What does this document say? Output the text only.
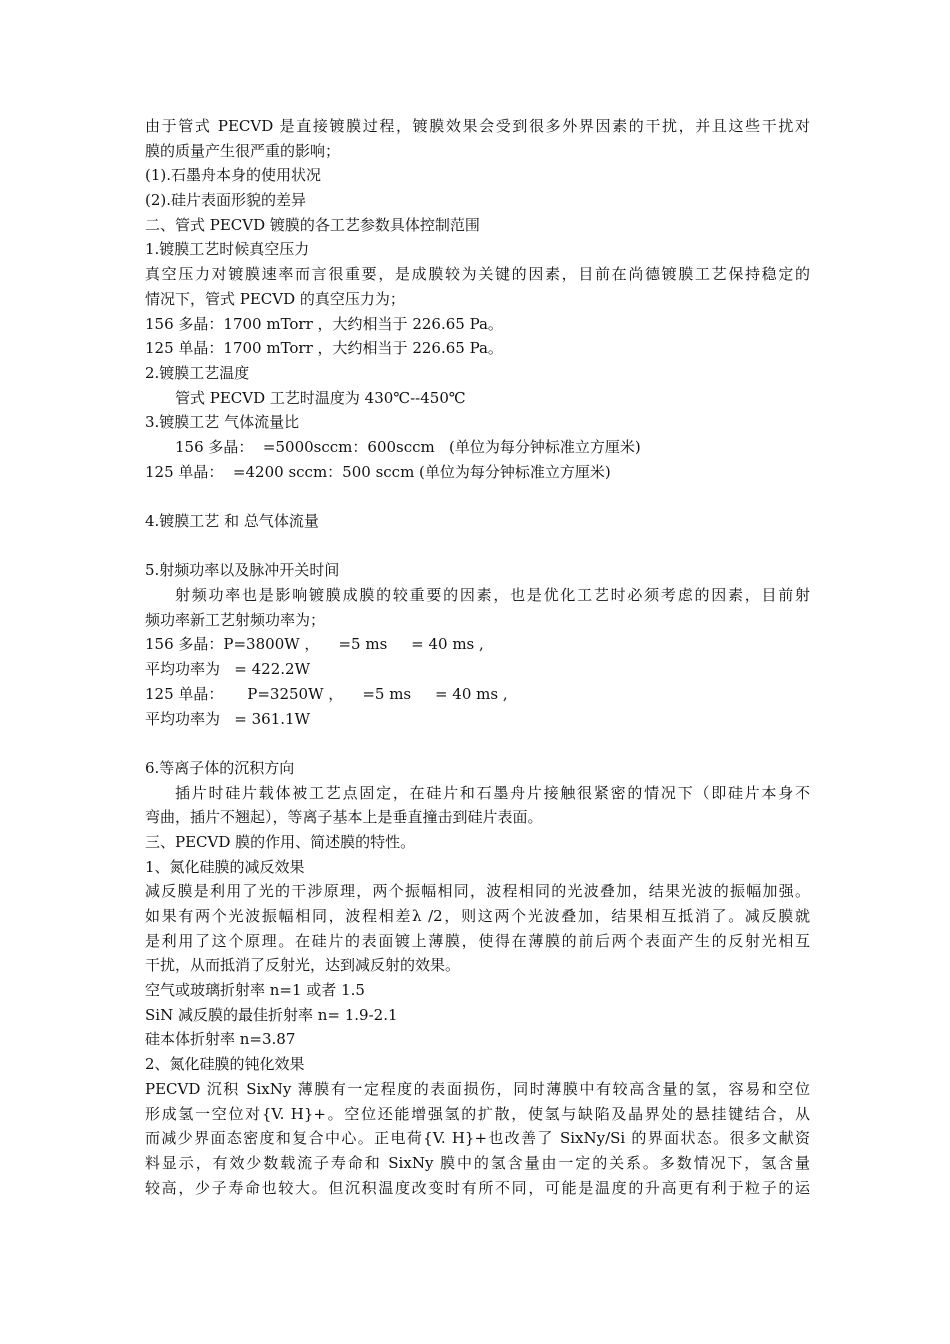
由于管式 PECVD 是直接镀膜过程，镀膜效果会受到很多外界因素的干扰，并且这些干扰对
膜的质量产生很严重的影响；
(1).石墨舟本身的使用状况
(2).硅片表面形貌的差异
二、管式 PECVD 镀膜的各工艺参数具体控制范围
1.镀膜工艺时候真空压力
真空压力对镀膜速率而言很重要，是成膜较为关键的因素，目前在尚德镀膜工艺保持稳定的
情况下，管式 PECVD 的真空压力为；
156 多晶：1700 mTorr ，大约相当于 226.65 Pa。
125 单晶：1700 mTorr ，大约相当于 226.65 Pa。
2.镀膜工艺温度
管式 PECVD 工艺时温度为 430℃--450℃
3.镀膜工艺 气体流量比
156 多晶：  =5000sccm：600sccm   (单位为每分钟标准立方厘米)
125 单晶：  =4200 sccm：500 sccm (单位为每分钟标准立方厘米)
4.镀膜工艺 和 总气体流量
5.射频功率以及脉冲开关时间
射频功率也是影响镀膜成膜的较重要的因素，也是优化工艺时必须考虑的因素，目前射
频功率新工艺射频功率为；
156 多晶：P=3800W ，    =5 ms     = 40 ms ,
平均功率为   = 422.2W
125 单晶：     P=3250W ，    =5 ms     = 40 ms ,
平均功率为   = 361.1W
6.等离子体的沉积方向
插片时硅片载体被工艺点固定，在硅片和石墨舟片接触很紧密的情况下（即硅片本身不
弯曲，插片不翘起），等离子基本上是垂直撞击到硅片表面。
三、PECVD 膜的作用、简述膜的特性。
1、氮化硅膜的减反效果
减反膜是利用了光的干涉原理，两个振幅相同，波程相同的光波叠加，结果光波的振幅加强。
如果有两个光波振幅相同，波程相差λ /2，则这两个光波叠加，结果相互抵消了。减反膜就
是利用了这个原理。在硅片的表面镀上薄膜，使得在薄膜的前后两个表面产生的反射光相互
干扰，从而抵消了反射光，达到减反射的效果。
空气或玻璃折射率 n=1 或者 1.5
SiN 减反膜的最佳折射率 n= 1.9-2.1
硅本体折射率 n=3.87
2、氮化硅膜的钝化效果
PECVD 沉积 SixNy 薄膜有一定程度的表面损伤，同时薄膜中有较高含量的氢，容易和空位
形成氢一空位对{V. H}+。空位还能增强氢的扩散，使氢与缺陷及晶界处的悬挂键结合，从
而减少界面态密度和复合中心。正电荷{V. H}+也改善了 SixNy/Si 的界面状态。很多文献资
料显示，有效少数载流子寿命和 SixNy 膜中的氢含量由一定的关系。多数情况下，氢含量
较高，少子寿命也较大。但沉积温度改变时有所不同，可能是温度的升高更有利于粒子的运
